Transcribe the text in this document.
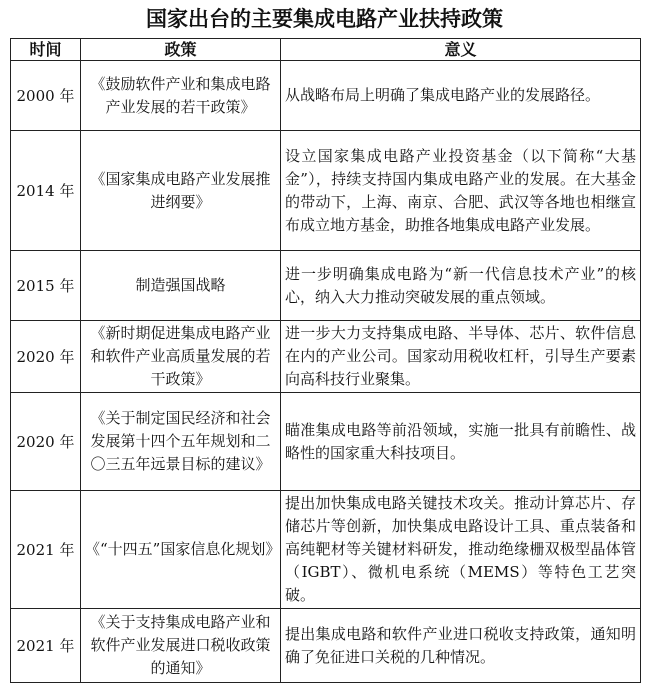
国家出台的主要集成电路产业扶持政策
时间	政策	意义
2000 年	《鼓励软件产业和集成电路产业发展的若干政策》	从战略布局上明确了集成电路产业的发展路径。
2014 年	《国家集成电路产业发展推进纲要》	设立国家集成电路产业投资基金（以下简称“大基金”），持续支持国内集成电路产业的发展。在大基金的带动下，上海、南京、合肥、武汉等各地也相继宣布成立地方基金，助推各地集成电路产业发展。
2015 年	制造强国战略	进一步明确集成电路为“新一代信息技术产业”的核心，纳入大力推动突破发展的重点领域。
2020 年	《新时期促进集成电路产业和软件产业高质量发展的若干政策》	进一步大力支持集成电路、半导体、芯片、软件信息在内的产业公司。国家动用税收杠杆，引导生产要素向高科技行业聚集。
2020 年	《关于制定国民经济和社会发展第十四个五年规划和二〇三五年远景目标的建议》	瞄准集成电路等前沿领域，实施一批具有前瞻性、战略性的国家重大科技项目。
2021 年	《“十四五”国家信息化规划》	提出加快集成电路关键技术攻关。推动计算芯片、存储芯片等创新，加快集成电路设计工具、重点装备和高纯靶材等关键材料研发，推动绝缘栅双极型晶体管（IGBT）、微机电系统（MEMS）等特色工艺突破。
2021 年	《关于支持集成电路产业和软件产业发展进口税收政策的通知》	提出集成电路和软件产业进口税收支持政策，通知明确了免征进口关税的几种情况。
